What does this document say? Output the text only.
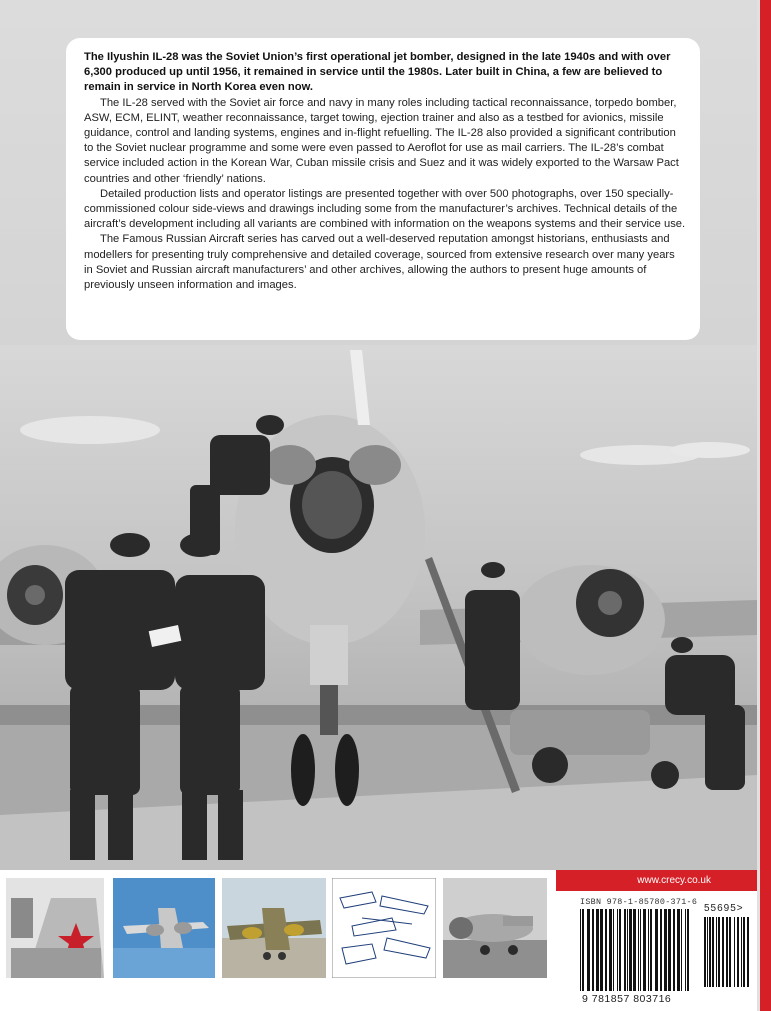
The Ilyushin IL-28 was the Soviet Union’s first operational jet bomber, designed in the late 1940s and with over 6,300 produced up until 1956, it remained in service until the 1980s. Later built in China, a few are believed to remain in service in North Korea even now.

The IL-28 served with the Soviet air force and navy in many roles including tactical reconnaissance, torpedo bomber, ASW, ECM, ELINT, weather reconnaissance, target towing, ejection trainer and also as a testbed for avionics, missile guidance, control and landing systems, engines and in-flight refuelling. The IL-28 also provided a significant contribution to the Soviet nuclear programme and some were even passed to Aeroflot for use as mail carriers. The IL-28’s combat service included action in the Korean War, Cuban missile crisis and Suez and it was widely exported to the Warsaw Pact countries and other ‘friendly’ nations.

Detailed production lists and operator listings are presented together with over 500 photographs, over 150 specially-commissioned colour side-views and drawings including some from the manufacturer’s archives. Technical details of the aircraft’s development including all variants are combined with information on the weapons systems and their service use.

The Famous Russian Aircraft series has carved out a well-deserved reputation amongst historians, enthusiasts and modellers for presenting truly comprehensive and detailed coverage, sourced from extensive research over many years in Soviet and Russian aircraft manufacturers’ and other archives, allowing the authors to present huge amounts of previously unseen information and images.

www.crecy.co.uk
ISBN 978-1-85780-371-6
55695>
9 781857 803716
